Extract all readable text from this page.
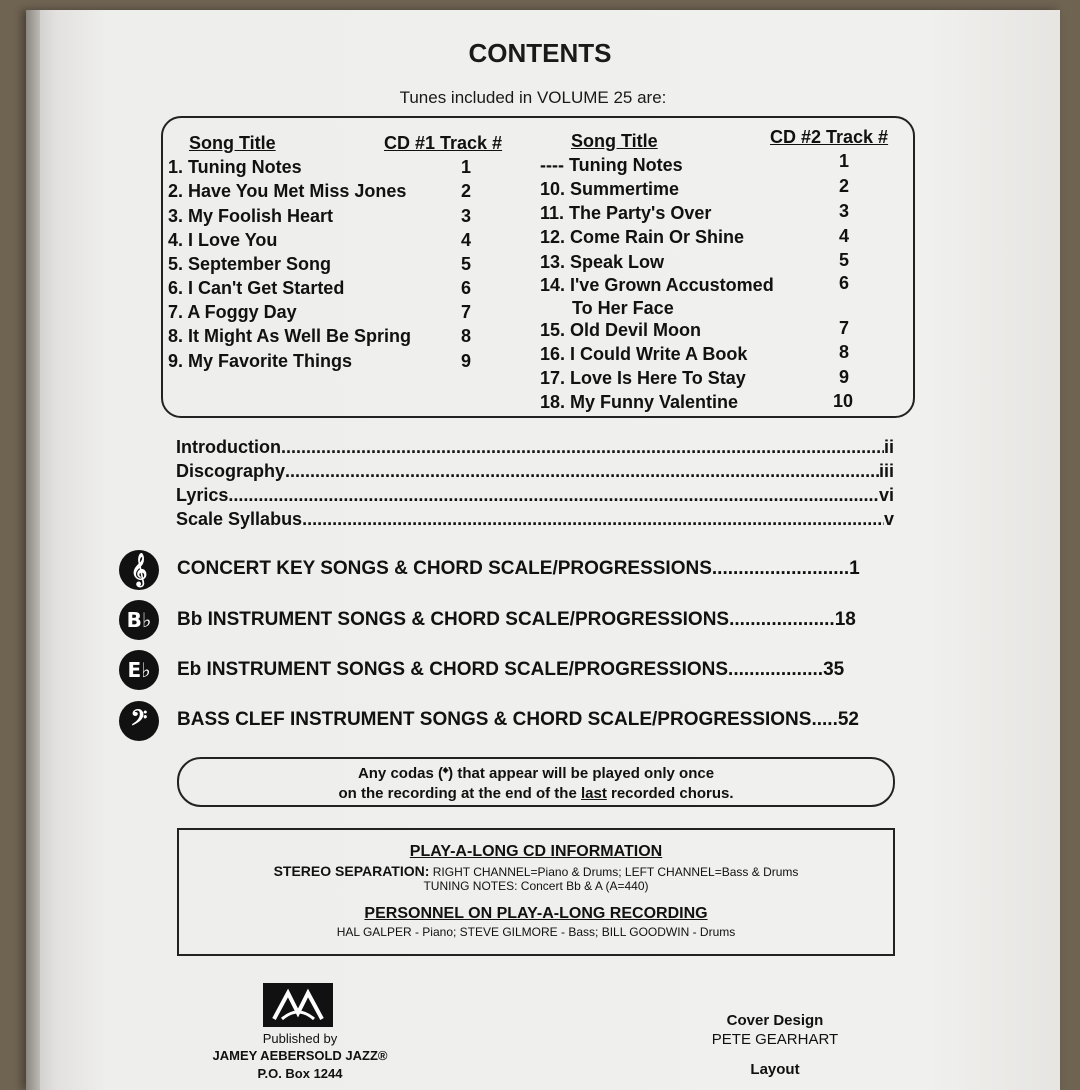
CONTENTS
Tunes included in VOLUME 25 are:
Song Title	CD #1 Track #	Song Title	CD #2 Track #
1. Tuning Notes	1
2. Have You Met Miss Jones	2
3. My Foolish Heart	3
4. I Love You	4
5. September Song	5
6. I Can't Get Started	6
7. A Foggy Day	7
8. It Might As Well Be Spring	8
9. My Favorite Things	9
---- Tuning Notes	1
10. Summertime	2
11. The Party's Over	3
12. Come Rain Or Shine	4
13. Speak Low	5
14. I've Grown Accustomed	6
To Her Face
15. Old Devil Moon	7
16. I Could Write A Book	8
17. Love Is Here To Stay	9
18. My Funny Valentine	10
Introduction .....	ii
Discography .....	iii
Lyrics .....	vi
Scale Syllabus .....	v
𝄞	CONCERT KEY SONGS & CHORD SCALE/PROGRESSIONS..........................1
B♭	Bb INSTRUMENT SONGS & CHORD SCALE/PROGRESSIONS....................18
E♭	Eb INSTRUMENT SONGS & CHORD SCALE/PROGRESSIONS..................35
𝄢	BASS CLEF INSTRUMENT SONGS & CHORD SCALE/PROGRESSIONS.....52
Any codas (𝄌) that appear will be played only once
on the recording at the end of the last recorded chorus.
PLAY-A-LONG CD INFORMATION
STEREO SEPARATION: RIGHT CHANNEL=Piano & Drums; LEFT CHANNEL=Bass & Drums
TUNING NOTES: Concert Bb & A (A=440)
PERSONNEL ON PLAY-A-LONG RECORDING
HAL GALPER - Piano; STEVE GILMORE - Bass; BILL GOODWIN - Drums
Published by
JAMEY AEBERSOLD JAZZ®
P.O. Box 1244
Cover Design
PETE GEARHART
Layout
